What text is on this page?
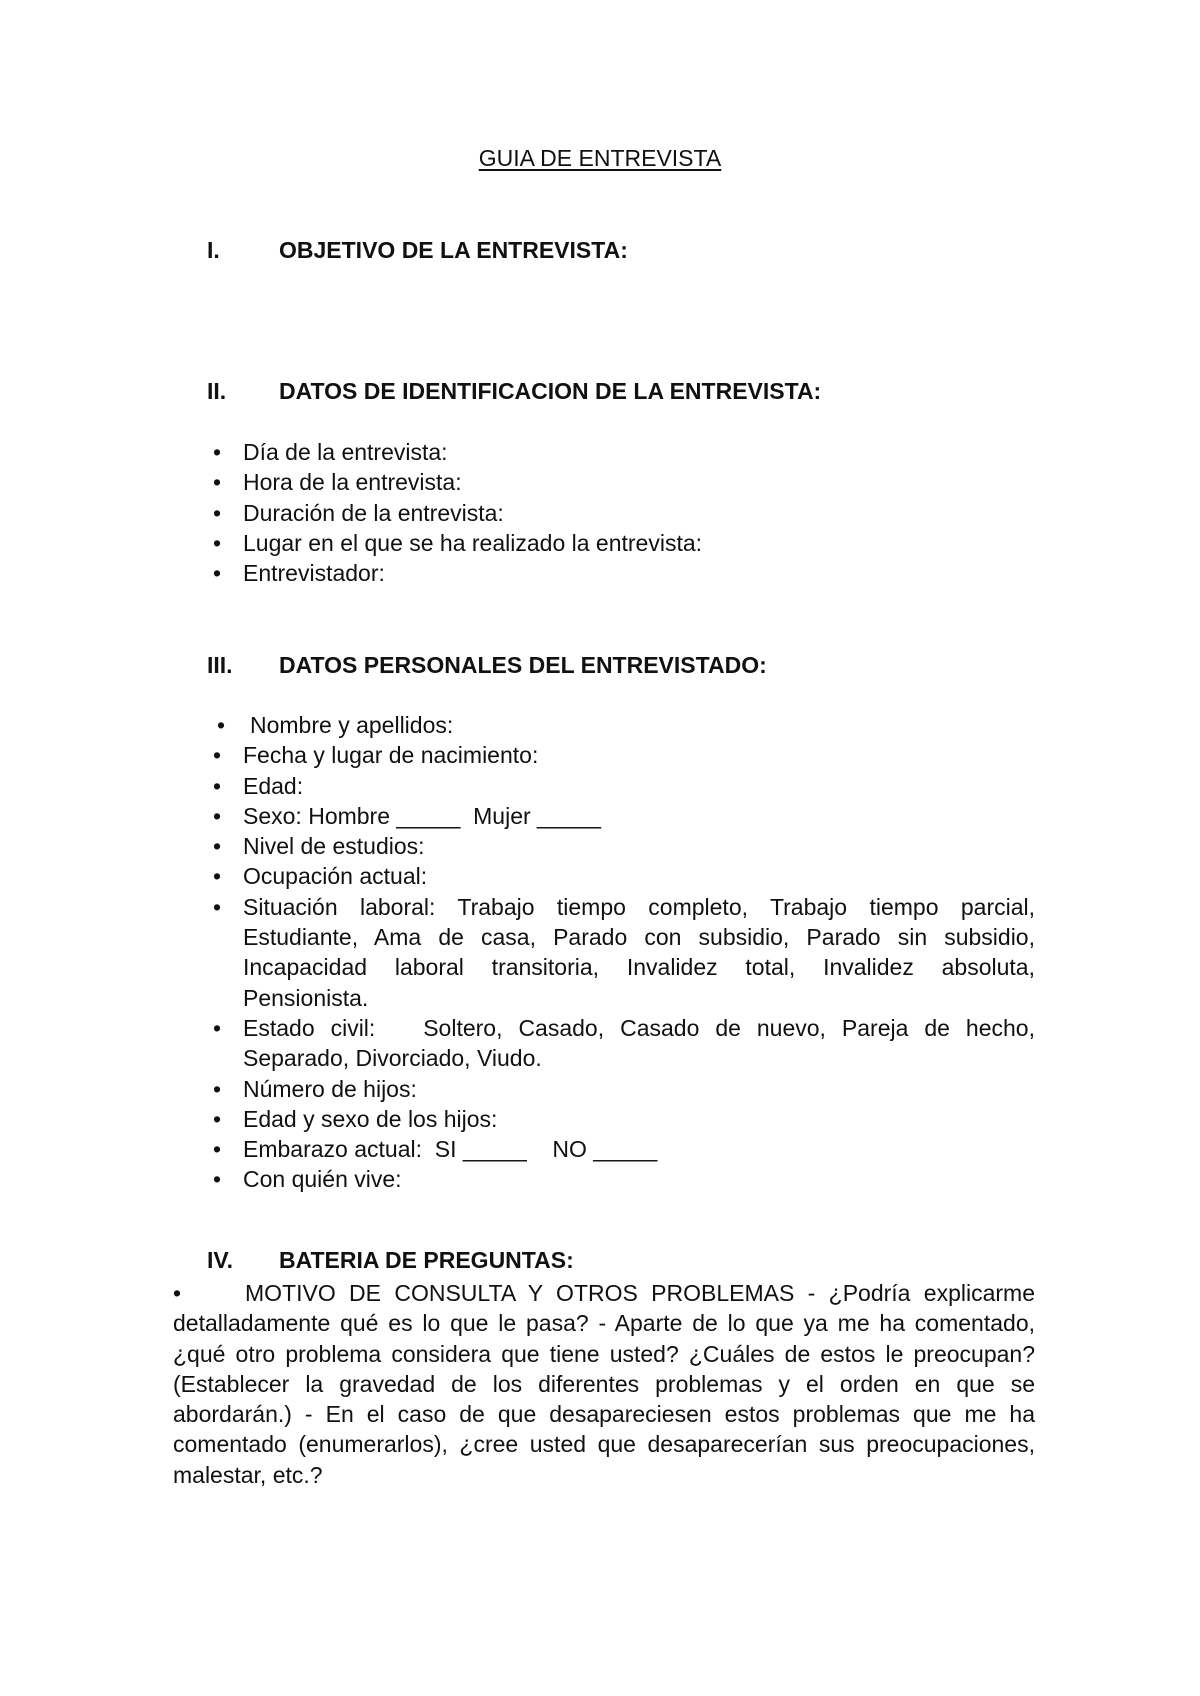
GUIA DE ENTREVISTA
I.	OBJETIVO DE LA ENTREVISTA:
II. DATOS DE IDENTIFICACION DE LA ENTREVISTA:
• Día de la entrevista:
• Hora de la entrevista:
• Duración de la entrevista:
• Lugar en el que se ha realizado la entrevista:
• Entrevistador:
III. DATOS PERSONALES DEL ENTREVISTADO:
• Nombre y apellidos:
• Fecha y lugar de nacimiento:
• Edad:
• Sexo: Hombre _____  Mujer _____
• Nivel de estudios:
• Ocupación actual:
• Situación laboral: Trabajo tiempo completo, Trabajo tiempo parcial, Estudiante, Ama de casa, Parado con subsidio, Parado sin subsidio, Incapacidad laboral transitoria, Invalidez total, Invalidez absoluta, Pensionista.
• Estado civil:   Soltero, Casado, Casado de nuevo, Pareja de hecho, Separado, Divorciado, Viudo.
• Número de hijos:
• Edad y sexo de los hijos:
• Embarazo actual:  SI _____    NO _____
• Con quién vive:
IV. BATERIA DE PREGUNTAS:

•	MOTIVO DE CONSULTA Y OTROS PROBLEMAS - ¿Podría explicarme detalladamente qué es lo que le pasa? - Aparte de lo que ya me ha comentado, ¿qué otro problema considera que tiene usted? ¿Cuáles de estos le preocupan? (Establecer la gravedad de los diferentes problemas y el orden en que se abordarán.) - En el caso de que desapareciesen estos problemas que me ha comentado (enumerarlos), ¿cree usted que desaparecerían sus preocupaciones, malestar, etc.?
